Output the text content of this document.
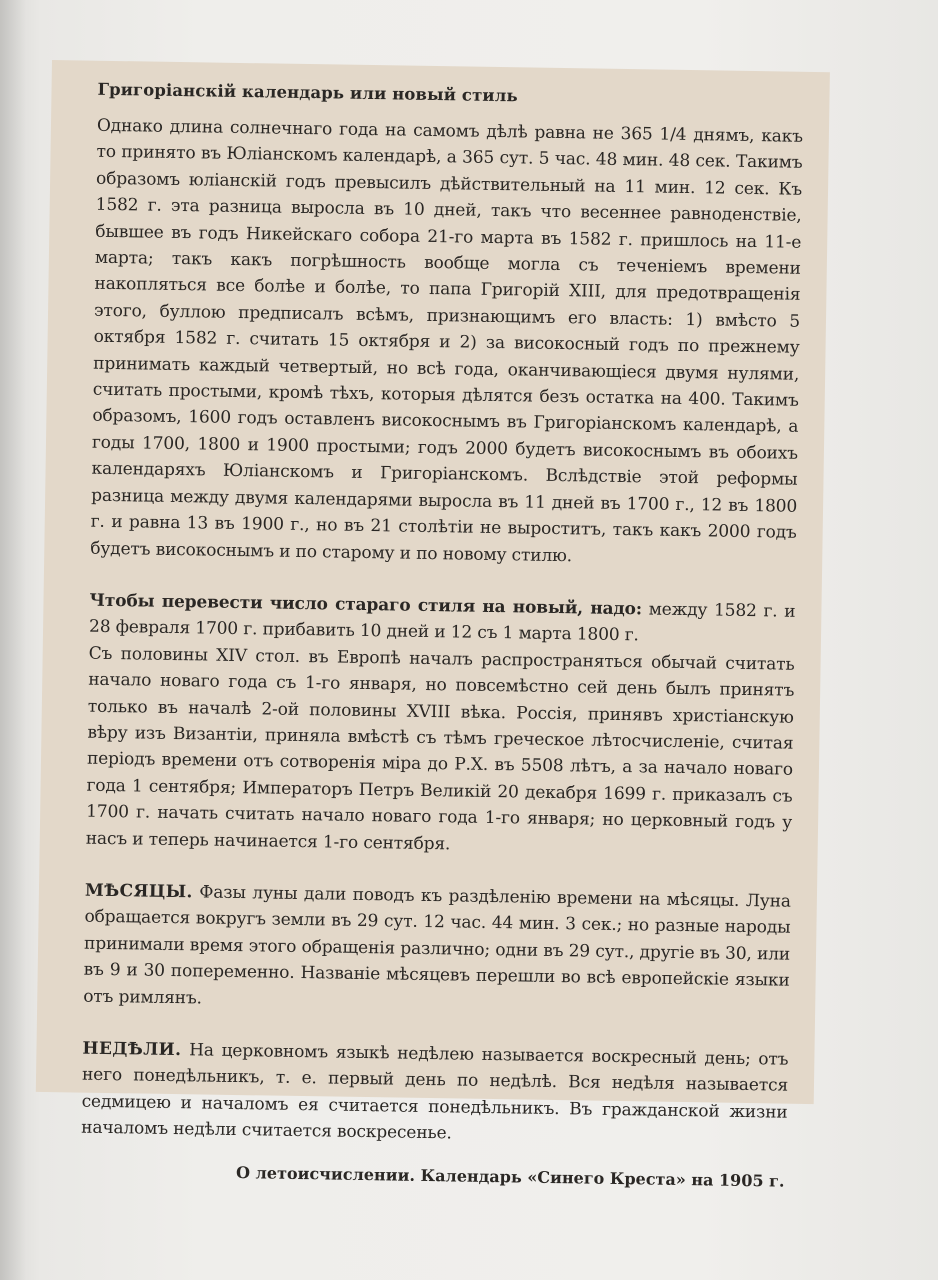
Григоріанскій календарь или новый стиль

Однако длина солнечнаго года на самомъ дѣлѣ равна не 365 1/4 днямъ, какъ то принято въ Юліанскомъ календарѣ, а 365 сут. 5 час. 48 мин. 48 сек. Такимъ образомъ юліанскій годъ превысилъ дѣйствительный на 11 мин. 12 сек. Къ 1582 г. эта разница выросла въ 10 дней, такъ что весеннее равноденствіе, бывшее въ годъ Никейскаго собора 21-го марта въ 1582 г. пришлось на 11-е марта; такъ какъ погрѣшность вообще могла съ теченіемъ времени накопляться все болѣе и болѣе, то папа Григорій XIII, для предотвращенія этого, буллою предписалъ всѣмъ, признающимъ его власть: 1) вмѣсто 5 октября 1582 г. считать 15 октября и 2) за високосный годъ по прежнему принимать каждый четвертый, но всѣ года, оканчивающіеся двумя нулями, считать простыми, кромѣ тѣхъ, которыя дѣлятся безъ остатка на 400. Такимъ образомъ, 1600 годъ оставленъ високоснымъ въ Григоріанскомъ календарѣ, а годы 1700, 1800 и 1900 простыми; годъ 2000 будетъ високоснымъ въ обоихъ календаряхъ Юліанскомъ и Григоріанскомъ. Вслѣдствіе этой реформы разница между двумя календарями выросла въ 11 дней въ 1700 г., 12 въ 1800 г. и равна 13 въ 1900 г., но въ 21 столѣтіи не выроститъ, такъ какъ 2000 годъ будетъ високоснымъ и по старому и по новому стилю.

Чтобы перевести число стараго стиля на новый, надо: между 1582 г. и 28 февраля 1700 г. прибавить 10 дней и 12 съ 1 марта 1800 г.

Съ половины XIV стол. въ Европѣ началъ распространяться обычай считать начало новаго года съ 1-го января, но повсемѣстно сей день былъ принятъ только въ началѣ 2-ой половины XVIII вѣка. Россія, принявъ христіанскую вѣру изъ Византіи, приняла вмѣстѣ съ тѣмъ греческое лѣтосчисленіе, считая періодъ времени отъ сотворенія міра до Р.Х. въ 5508 лѣтъ, а за начало новаго года 1 сентября; Императоръ Петръ Великій 20 декабря 1699 г. приказалъ съ 1700 г. начать считать начало новаго года 1-го января; но церковный годъ у насъ и теперь начинается 1-го сентября.

МѢСЯЦЫ. Фазы луны дали поводъ къ раздѣленію времени на мѣсяцы. Луна обращается вокругъ земли въ 29 сут. 12 час. 44 мин. 3 сек.; но разные народы принимали время этого обращенія различно; одни въ 29 сут., другіе въ 30, или въ 9 и 30 попеременно. Названіе мѣсяцевъ перешли во всѣ европейскіе языки отъ римлянъ.

НЕДѢЛИ. На церковномъ языкѣ недѣлею называется воскресный день; отъ него понедѣльникъ, т. е. первый день по недѣлѣ. Вся недѣля называется седмицею и началомъ ея считается понедѣльникъ. Въ гражданской жизни началомъ недѣли считается воскресенье.

О летоисчислении. Календарь «Синего Креста» на 1905 г.
